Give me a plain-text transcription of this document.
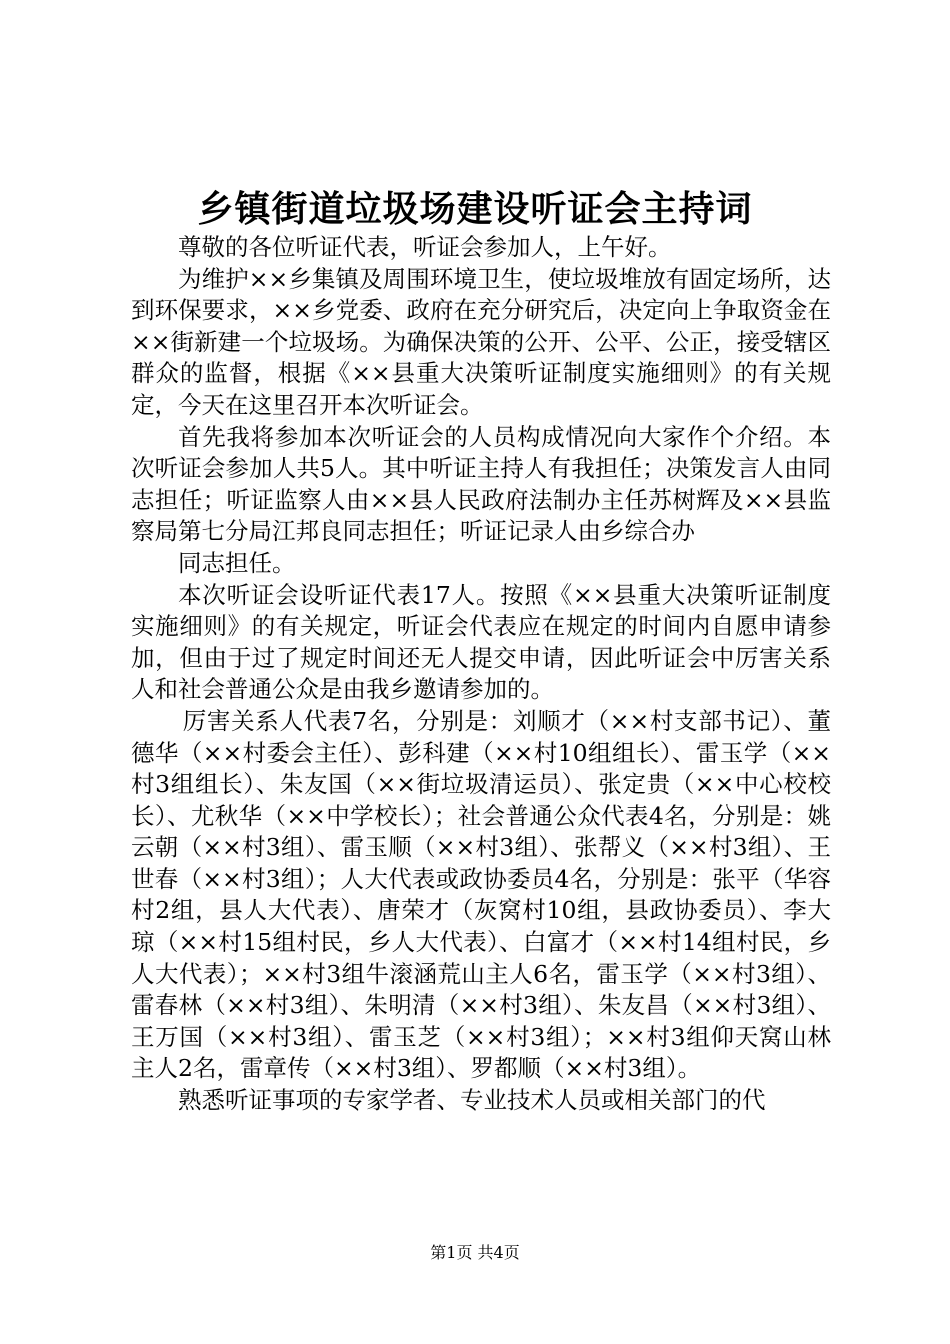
乡镇街道垃圾场建设听证会主持词

尊敬的各位听证代表，听证会参加人，上午好。

为维护××乡集镇及周围环境卫生，使垃圾堆放有固定场所，达到环保要求，××乡党委、政府在充分研究后，决定向上争取资金在××街新建一个垃圾场。为确保决策的公开、公平、公正，接受辖区群众的监督，根据《××县重大决策听证制度实施细则》的有关规定，今天在这里召开本次听证会。

首先我将参加本次听证会的人员构成情况向大家作个介绍。本次听证会参加人共5人。其中听证主持人有我担任；决策发言人由同志担任；听证监察人由××县人民政府法制办主任苏树辉及××县监察局第七分局江邦良同志担任；听证记录人由乡综合办

同志担任。

本次听证会设听证代表17人。按照《××县重大决策听证制度实施细则》的有关规定，听证会代表应在规定的时间内自愿申请参加，但由于过了规定时间还无人提交申请，因此听证会中厉害关系人和社会普通公众是由我乡邀请参加的。

厉害关系人代表7名，分别是：刘顺才（××村支部书记）、董德华（××村委会主任）、彭科建（××村10组组长）、雷玉学（××村3组组长）、朱友国（××街垃圾清运员）、张定贵（××中心校校长）、尤秋华（××中学校长）；社会普通公众代表4名，分别是：姚云朝（××村3组）、雷玉顺（××村3组）、张帮义（××村3组）、王世春（××村3组）；人大代表或政协委员4名，分别是：张平（华容村2组，县人大代表）、唐荣才（灰窝村10组，县政协委员）、李大琼（××村15组村民，乡人大代表）、白富才（××村14组村民，乡人大代表）；××村3组牛滚涵荒山主人6名，雷玉学（××村3组）、雷春林（××村3组）、朱明清（××村3组）、朱友昌（××村3组）、王万国（××村3组）、雷玉芝（××村3组）；××村3组仰天窝山林主人2名，雷章传（××村3组）、罗都顺（××村3组）。

熟悉听证事项的专家学者、专业技术人员或相关部门的代

第1页 共4页
